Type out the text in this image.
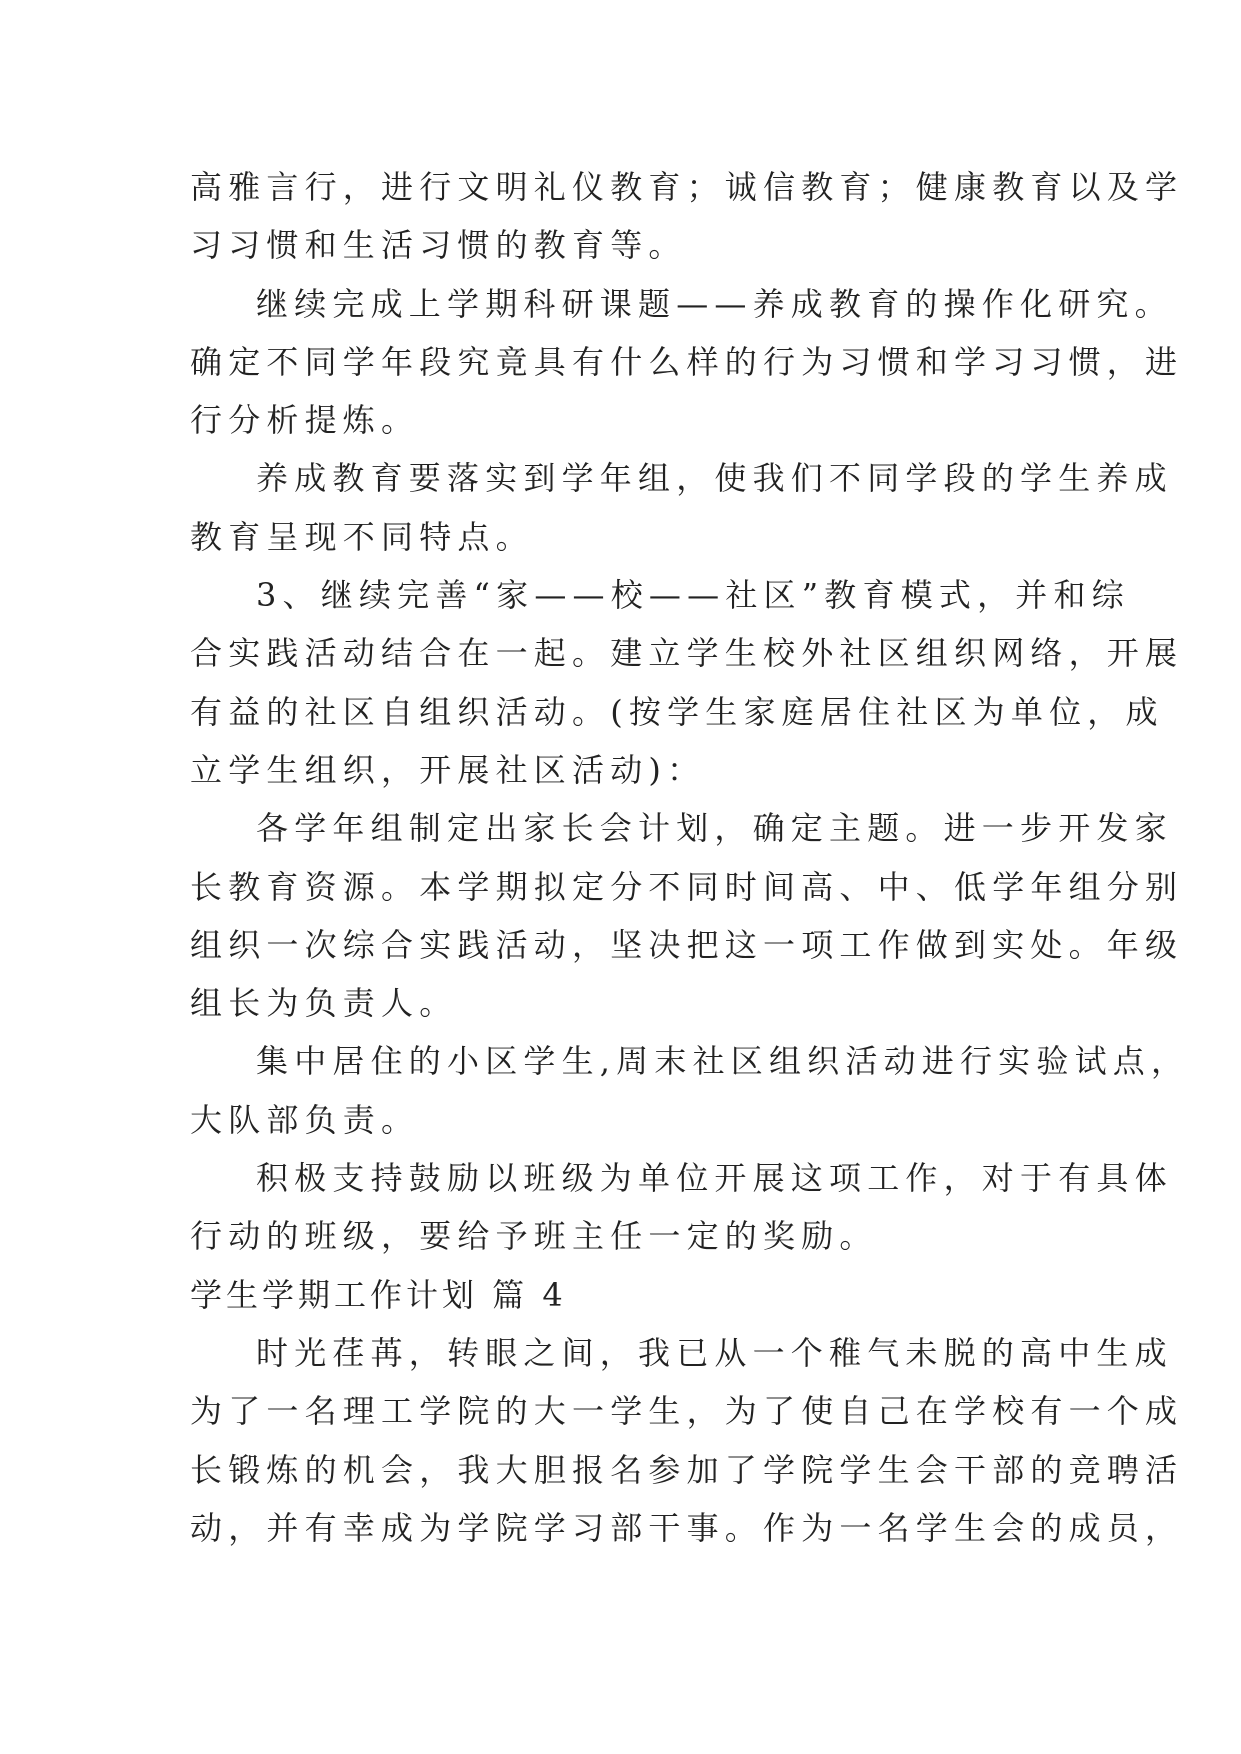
高雅言行，进行文明礼仪教育；诚信教育；健康教育以及学
习习惯和生活习惯的教育等。
继续完成上学期科研课题——养成教育的操作化研究。
确定不同学年段究竟具有什么样的行为习惯和学习习惯，进
行分析提炼。
养成教育要落实到学年组，使我们不同学段的学生养成
教育呈现不同特点。
3、继续完善“家——校——社区”教育模式，并和综
合实践活动结合在一起。建立学生校外社区组织网络，开展
有益的社区自组织活动。(按学生家庭居住社区为单位，成
立学生组织，开展社区活动)：
各学年组制定出家长会计划，确定主题。进一步开发家
长教育资源。本学期拟定分不同时间高、中、低学年组分别
组织一次综合实践活动，坚决把这一项工作做到实处。年级
组长为负责人。
集中居住的小区学生,周末社区组织活动进行实验试点，
大队部负责。
积极支持鼓励以班级为单位开展这项工作，对于有具体
行动的班级，要给予班主任一定的奖励。
学生学期工作计划 篇 4
时光荏苒，转眼之间，我已从一个稚气未脱的高中生成
为了一名理工学院的大一学生，为了使自己在学校有一个成
长锻炼的机会，我大胆报名参加了学院学生会干部的竞聘活
动，并有幸成为学院学习部干事。作为一名学生会的成员，
